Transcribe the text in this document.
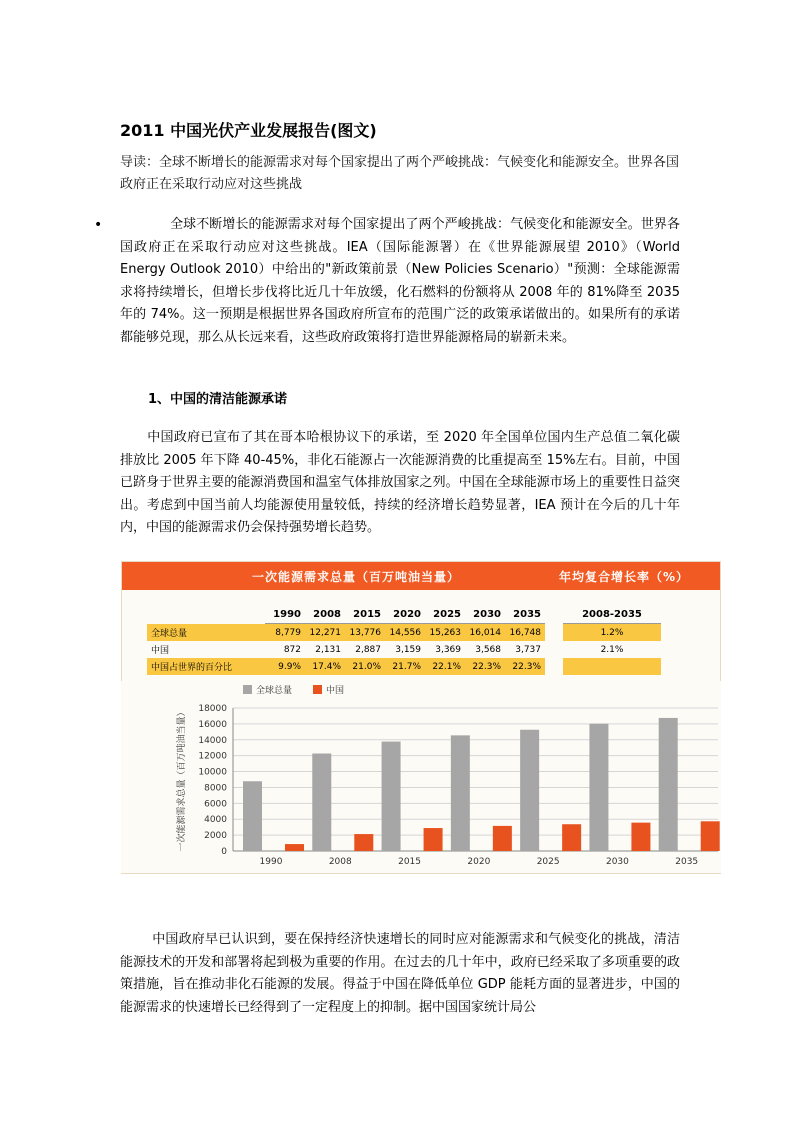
2011 中国光伏产业发展报告(图文)
导读：全球不断增长的能源需求对每个国家提出了两个严峻挑战：气候变化和能源安全。世界各国政府正在采取行动应对这些挑战
•	全球不断增长的能源需求对每个国家提出了两个严峻挑战：气候变化和能源安全。世界各国政府正在采取行动应对这些挑战。IEA（国际能源署）在《世界能源展望 2010》（World Energy Outlook 2010）中给出的"新政策前景（New Policies Scenario）"预测：全球能源需求将持续增长，但增长步伐将比近几十年放缓，化石燃料的份额将从 2008 年的 81%降至 2035年的 74%。这一预期是根据世界各国政府所宣布的范围广泛的政策承诺做出的。如果所有的承诺都能够兑现，那么从长远来看，这些政府政策将打造世界能源格局的崭新未来。
1、中国的清洁能源承诺
中国政府已宣布了其在哥本哈根协议下的承诺，至 2020 年全国单位国内生产总值二氧化碳排放比 2005 年下降 40-45%，非化石能源占一次能源消费的比重提高至 15%左右。目前，中国已跻身于世界主要的能源消费国和温室气体排放国家之列。中国在全球能源市场上的重要性日益突出。考虑到中国当前人均能源使用量较低，持续的经济增长趋势显著，IEA 预计在今后的几十年内，中国的能源需求仍会保持强势增长趋势。
一次能源需求总量（百万吨油当量）	年均复合增长率（%）
	1990	2008	2015	2020	2025	2030	2035		2008-2035
全球总量	8,779	12,271	13,776	14,556	15,263	16,014	16,748		1.2%
中国	872	2,131	2,887	3,159	3,369	3,568	3,737		2.1%
中国占世界的百分比	9.9%	17.4%	21.0%	21.7%	22.1%	22.3%	22.3%		
0
2000
4000
6000
8000
10000
12000
14000
16000
18000
一次能源需求总量（百万吨油当量）
1990	2008	2015	2020	2025	2030	2035
全球总量	中国
中国政府早已认识到，要在保持经济快速增长的同时应对能源需求和气候变化的挑战，清洁能源技术的开发和部署将起到极为重要的作用。在过去的几十年中，政府已经采取了多项重要的政策措施，旨在推动非化石能源的发展。得益于中国在降低单位 GDP 能耗方面的显著进步，中国的能源需求的快速增长已经得到了一定程度上的抑制。据中国国家统计局公
